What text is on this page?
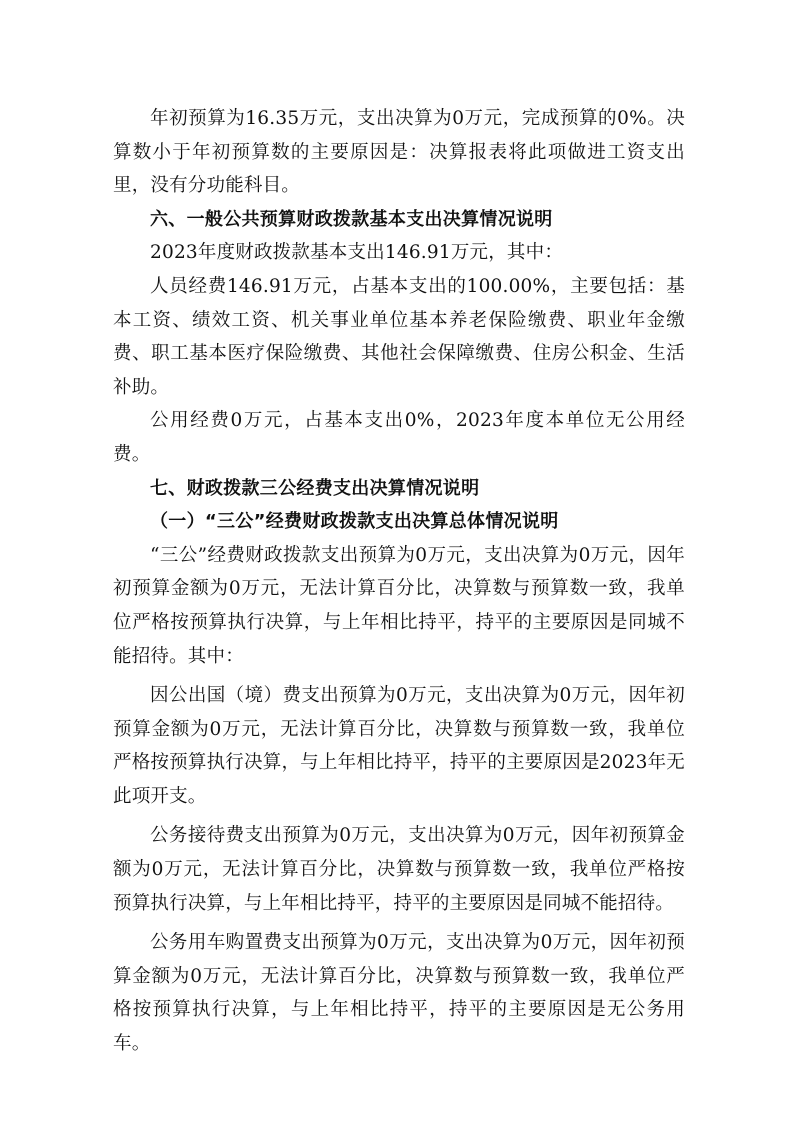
年初预算为16.35万元，支出决算为0万元，完成预算的0%。决算数小于年初预算数的主要原因是：决算报表将此项做进工资支出里，没有分功能科目。

六、一般公共预算财政拨款基本支出决算情况说明

2023年度财政拨款基本支出146.91万元，其中：

人员经费146.91万元，占基本支出的100.00%，主要包括：基本工资、绩效工资、机关事业单位基本养老保险缴费、职业年金缴费、职工基本医疗保险缴费、其他社会保障缴费、住房公积金、生活补助。

公用经费0万元，占基本支出0%，2023年度本单位无公用经费。

七、财政拨款三公经费支出决算情况说明

（一）“三公”经费财政拨款支出决算总体情况说明

“三公”经费财政拨款支出预算为0万元，支出决算为0万元，因年初预算金额为0万元，无法计算百分比，决算数与预算数一致，我单位严格按预算执行决算，与上年相比持平，持平的主要原因是同城不能招待。其中：

因公出国（境）费支出预算为0万元，支出决算为0万元，因年初预算金额为0万元，无法计算百分比，决算数与预算数一致，我单位严格按预算执行决算，与上年相比持平，持平的主要原因是2023年无此项开支。

公务接待费支出预算为0万元，支出决算为0万元，因年初预算金额为0万元，无法计算百分比，决算数与预算数一致，我单位严格按预算执行决算，与上年相比持平，持平的主要原因是同城不能招待。

公务用车购置费支出预算为0万元，支出决算为0万元，因年初预算金额为0万元，无法计算百分比，决算数与预算数一致，我单位严格按预算执行决算，与上年相比持平，持平的主要原因是无公务用车。
